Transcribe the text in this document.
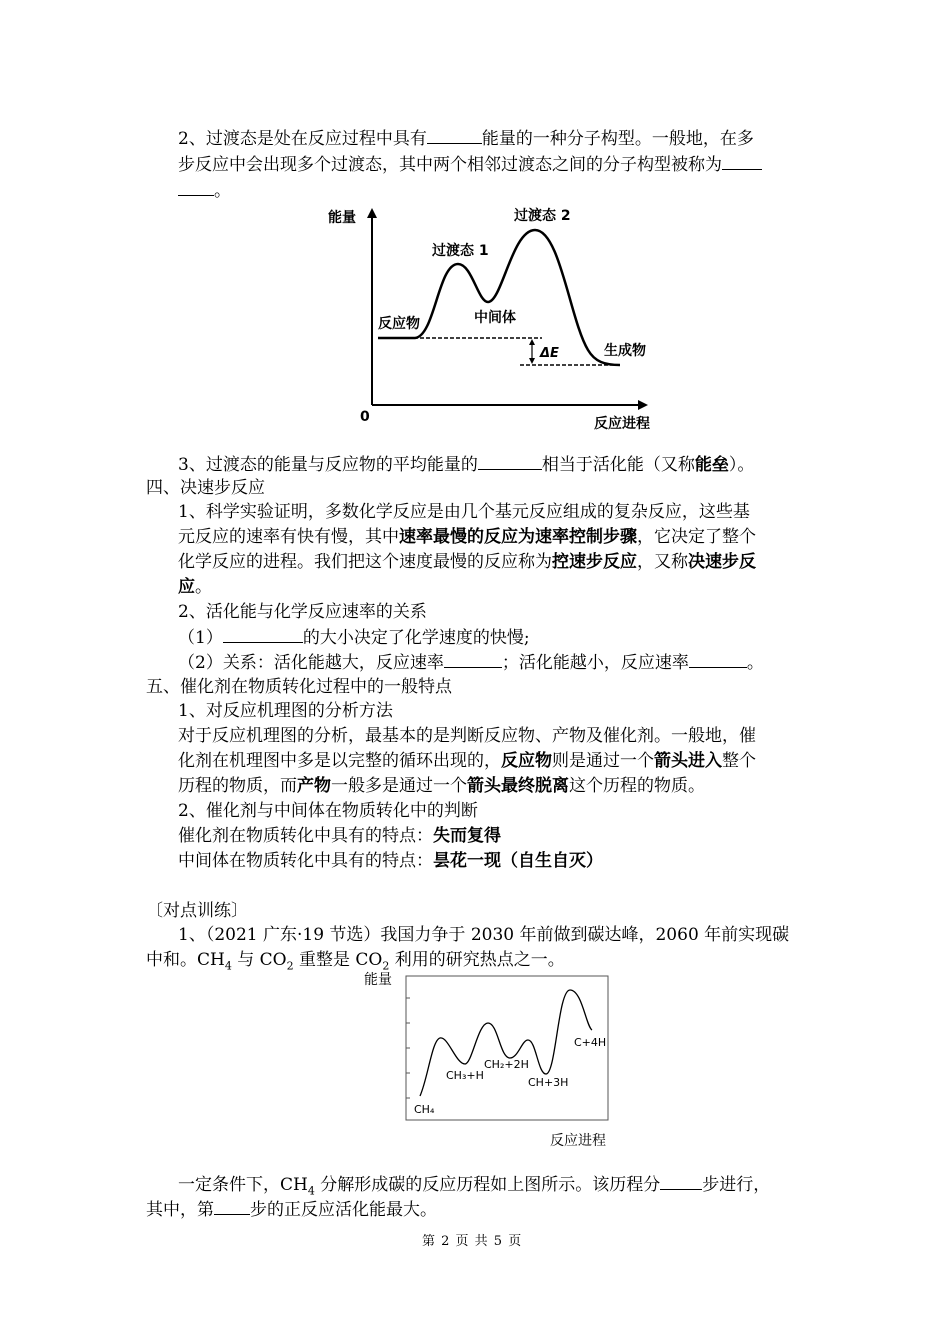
2、过渡态是处在反应过程中具有	能量的一种分子构型。一般地，在多
步反应中会出现多个过渡态，其中两个相邻过渡态之间的分子构型被称为
。
能量
0	反应进程
过渡态 1
过渡态 2
反应物	中间体
生成物
ΔE
3、过渡态的能量与反应物的平均能量的	相当于活化能（又称能垒）。
四、决速步反应
1、科学实验证明，多数化学反应是由几个基元反应组成的复杂反应，这些基
元反应的速率有快有慢，其中速率最慢的反应为速率控制步骤，它决定了整个
化学反应的进程。我们把这个速度最慢的反应称为控速步反应，又称决速步反
应。
2、活化能与化学反应速率的关系
（1）	的大小决定了化学速度的快慢;
（2）关系：活化能越大，反应速率	；活化能越小，反应速率	。
五、催化剂在物质转化过程中的一般特点
1、对反应机理图的分析方法
对于反应机理图的分析，最基本的是判断反应物、产物及催化剂。一般地，催
化剂在机理图中多是以完整的循环出现的，反应物则是通过一个箭头进入整个
历程的物质，而产物一般多是通过一个箭头最终脱离这个历程的物质。
2、催化剂与中间体在物质转化中的判断
催化剂在物质转化中具有的特点：失而复得
中间体在物质转化中具有的特点：昙花一现（自生自灭）
〔对点训练〕
1、（2021 广东·19 节选）我国力争于 2030 年前做到碳达峰，2060 年前实现碳
中和。$CH_4$ 与 $CO_2$ 重整是 $CO_2$ 利用的研究热点之一。
能量
反应进程
CH₄
CH₃+H
CH₂+2H
CH+3H
C+4H
一定条件下，$CH_4$ 分解形成碳的反应历程如上图所示。该历程分 步进行，
其中，第 步的正反应活化能最大。
第 2 页 共 5 页
